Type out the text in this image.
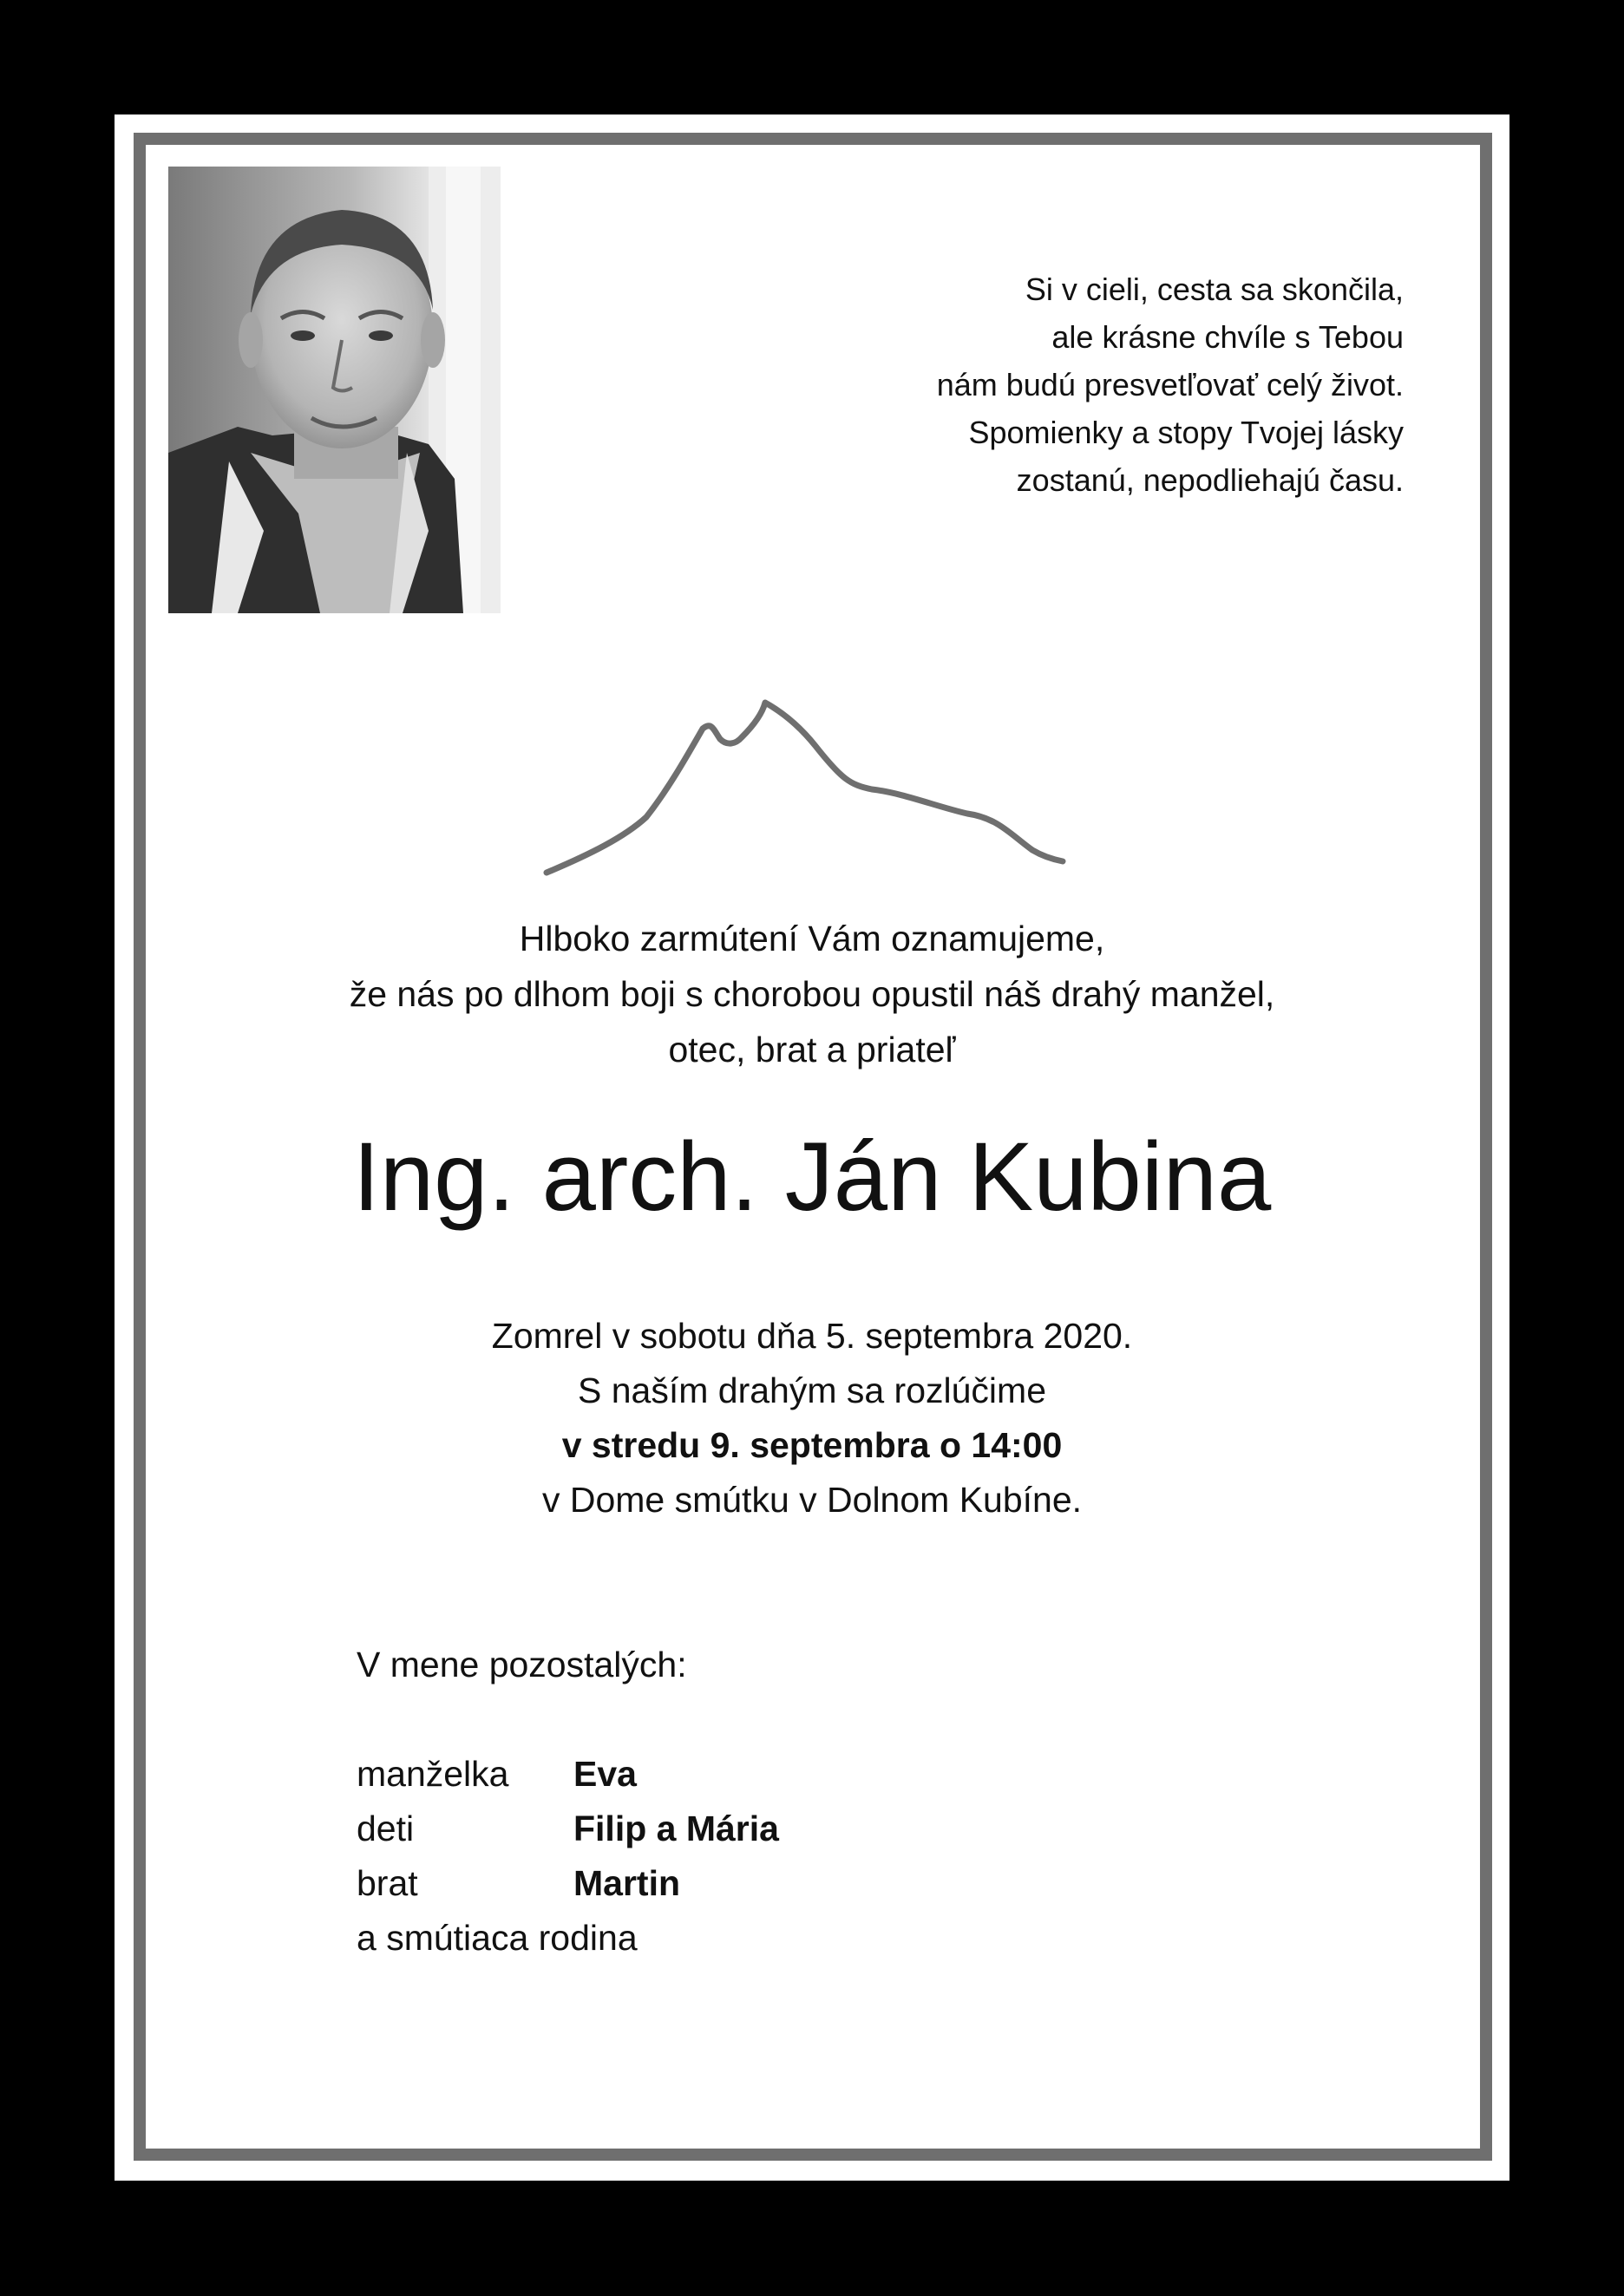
Si v cieli, cesta sa skončila,
ale krásne chvíle s Tebou
nám budú presvetľovať celý život.
Spomienky a stopy Tvojej lásky
zostanú, nepodliehajú času.
Hlboko zarmútení Vám oznamujeme,
že nás po dlhom boji s chorobou opustil náš drahý manžel,
otec, brat a priateľ
Ing. arch. Ján Kubina
Zomrel v sobotu dňa 5. septembra 2020.
S naším drahým sa rozlúčime
v stredu 9. septembra o 14:00
v Dome smútku v Dolnom Kubíne.
V mene pozostalých:
manželka	Eva
deti	Filip a Mária
brat	Martin
a smútiaca rodina
